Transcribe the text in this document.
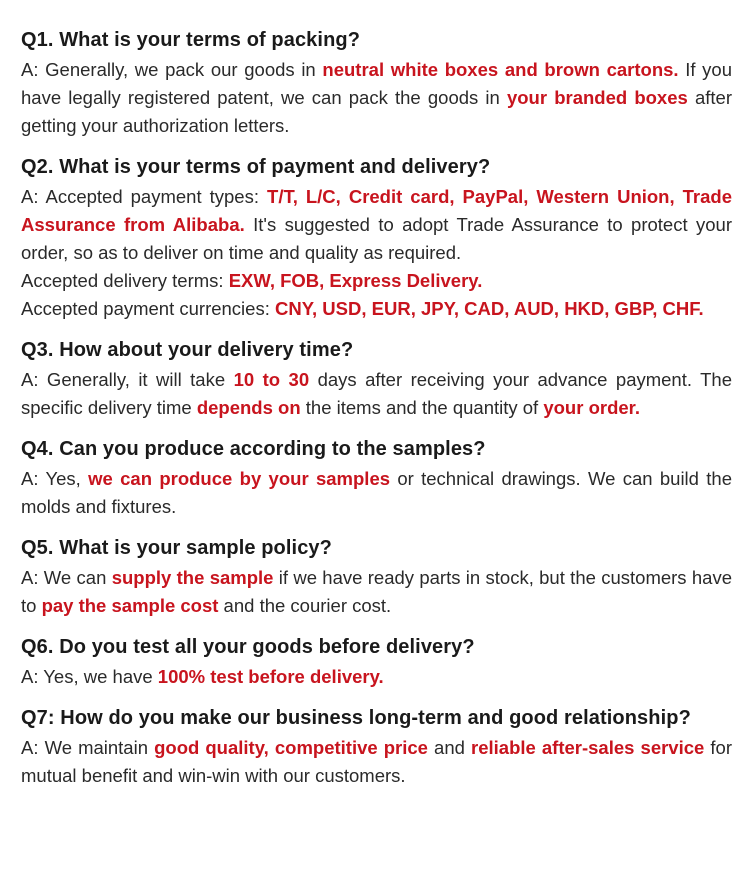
Q1. What is your terms of packing?

A: Generally, we pack our goods in neutral white boxes and brown cartons. If you have legally registered patent, we can pack the goods in your branded boxes after getting your authorization letters.

Q2. What is your terms of payment and delivery?

A: Accepted payment types: T/T, L/C, Credit card, PayPal, Western Union, Trade Assurance from Alibaba. It's suggested to adopt Trade Assurance to protect your order, so as to deliver on time and quality as required.
Accepted delivery terms: EXW, FOB, Express Delivery.
Accepted payment currencies: CNY, USD, EUR, JPY, CAD, AUD, HKD, GBP, CHF.

Q3. How about your delivery time?

A: Generally, it will take 10 to 30 days after receiving your advance payment. The specific delivery time depends on the items and the quantity of your order.

Q4. Can you produce according to the samples?

A: Yes, we can produce by your samples or technical drawings. We can build the molds and fixtures.

Q5. What is your sample policy?

A: We can supply the sample if we have ready parts in stock, but the customers have to pay the sample cost and the courier cost.

Q6. Do you test all your goods before delivery?

A: Yes, we have 100% test before delivery.

Q7: How do you make our business long-term and good relationship?

A: We maintain good quality, competitive price and reliable after-sales service for mutual benefit and win-win with our customers.
